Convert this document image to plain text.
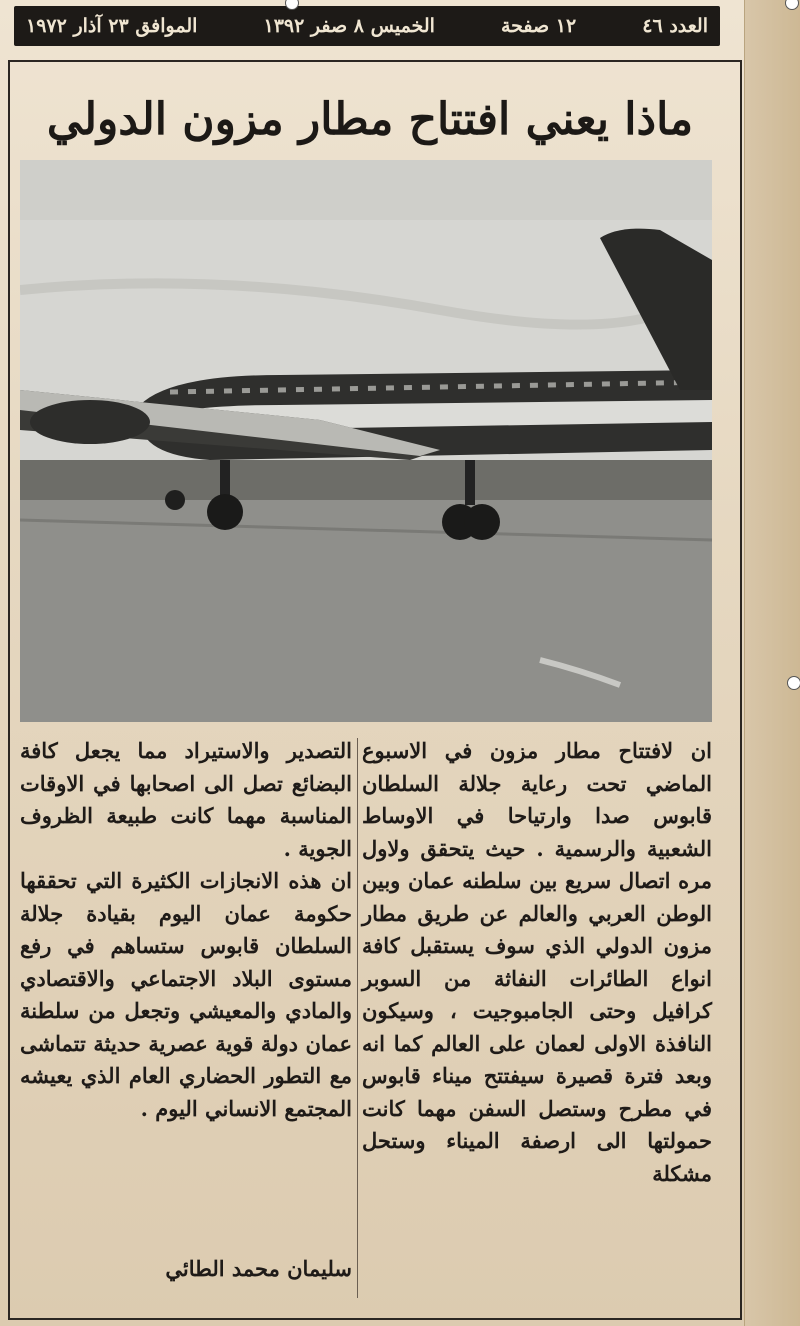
العدد ٤٦
١٢ صفحة
الخميس ٨ صفر ١٣٩٢
الموافق ٢٣ آذار ١٩٧٢
ماذا يعني افتتاح مطار مزون الدولي

ان لافتتاح مطار مزون في الاسبوع الماضي تحت رعاية جلالة السلطان قابوس صدا وارتياحا في الاوساط الشعبية والرسمية . حيث يتحقق ولاول مره اتصال سريع بين سلطنه عمان وبين الوطن العربي والعالم عن طريق مطار مزون الدولي الذي سوف يستقبل كافة انواع الطائرات النفاثة من السوبر كرافيل وحتى الجامبوجيت ، وسيكون النافذة الاولى لعمان على العالم كما انه وبعد فترة قصيرة سيفتتح ميناء قابوس في مطرح وستصل السفن مهما كانت حمولتها الى ارصفة الميناء وستحل مشكلة

التصدير والاستيراد مما يجعل كافة البضائع تصل الى اصحابها في الاوقات المناسبة مهما كانت طبيعة الظروف الجوية .

ان هذه الانجازات الكثيرة التي تحققها حكومة عمان اليوم بقيادة جلالة السلطان قابوس ستساهم في رفع مستوى البلاد الاجتماعي والاقتصادي والمادي والمعيشي وتجعل من سلطنة عمان دولة قوية عصرية حديثة تتماشى مع التطور الحضاري العام الذي يعيشه المجتمع الانساني اليوم .

سليمان محمد الطائي
